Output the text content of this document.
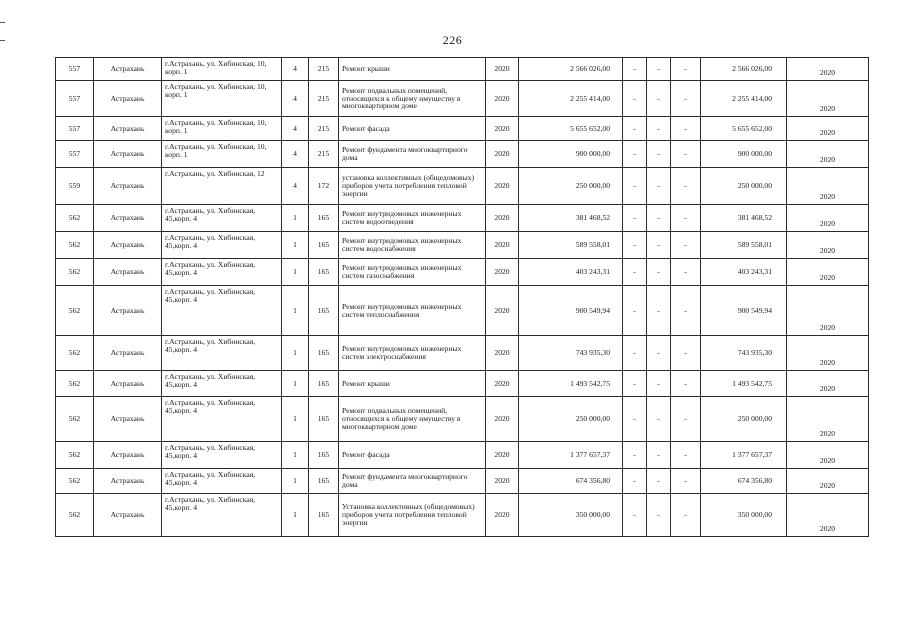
226
557	Астрахань	г.Астрахань, ул. Хибинская, 10, корп. 1	4	215	Ремонт крыши	2020	2 566 026,00	-	-	-	2 566 026,00	2020
557	Астрахань	г.Астрахань, ул. Хибинская, 10, корп. 1	4	215	Ремонт подвальных помещений, относящихся к общему имуществу в многоквартирном доме	2020	2 255 414,00	-	-	-	2 255 414,00	2020
557	Астрахань	г.Астрахань, ул. Хибинская, 10, корп. 1	4	215	Ремонт фасада	2020	5 655 652,00	-	-	-	5 655 652,00	2020
557	Астрахань	г.Астрахань, ул. Хибинская, 10, корп. 1	4	215	Ремонт фундамента многоквартирного дома	2020	900 000,00	-	-	-	900 000,00	2020
559	Астрахань	г.Астрахань, ул. Хибинская, 12	4	172	установка коллективных (общедомовых) приборов учета потребления тепловой энергии	2020	250 000,00	-	-	-	250 000,00	2020
562	Астрахань	г.Астрахань, ул. Хибинская, 45,корп. 4	1	165	Ремонт внутридомовых инженерных систем водоотведения	2020	381 468,52	-	-	-	381 468,52	2020
562	Астрахань	г.Астрахань, ул. Хибинская, 45,корп. 4	1	165	Ремонт внутридомовых инженерных систем водоснабжения	2020	589 558,01	-	-	-	589 558,01	2020
562	Астрахань	г.Астрахань, ул. Хибинская, 45,корп. 4	1	165	Ремонт внутридомовых инженерных систем газоснабжения	2020	403 243,31	-	-	-	403 243,31	2020
562	Астрахань	г.Астрахань, ул. Хибинская, 45,корп. 4	1	165	Ремонт внутридомовых инженерных систем теплоснабжения	2020	900 549,94	-	-	-	900 549,94	2020
562	Астрахань	г.Астрахань, ул. Хибинская, 45,корп. 4	1	165	Ремонт внутридомовых инженерных систем электроснабжения	2020	743 935,30	-	-	-	743 935,30	2020
562	Астрахань	г.Астрахань, ул. Хибинская, 45,корп. 4	1	165	Ремонт крыши	2020	1 493 542,75	-	-	-	1 493 542,75	2020
562	Астрахань	г.Астрахань, ул. Хибинская, 45,корп. 4	1	165	Ремонт подвальных помещений, относящихся к общему имуществу в многоквартирном доме	2020	250 000,00	-	-	-	250 000,00	2020
562	Астрахань	г.Астрахань, ул. Хибинская, 45,корп. 4	1	165	Ремонт фасада	2020	1 377 657,37	-	-	-	1 377 657,37	2020
562	Астрахань	г.Астрахань, ул. Хибинская, 45,корп. 4	1	165	Ремонт фундамента многоквартирного дома	2020	674 356,80	-	-	-	674 356,80	2020
562	Астрахань	г.Астрахань, ул. Хибинская, 45,корп. 4	1	165	Установка коллективных (общедомовых) приборов учета потребления тепловой энергии	2020	350 000,00	-	-	-	350 000,00	2020
